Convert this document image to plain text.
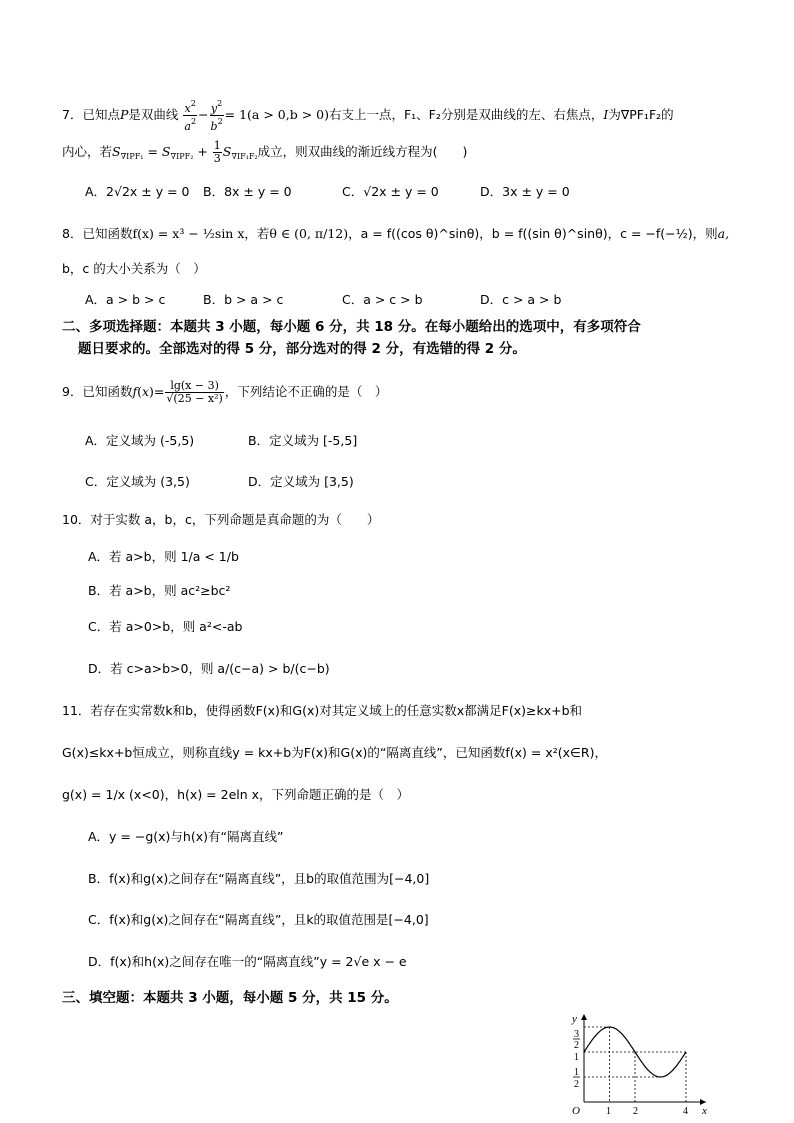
7．已知点P是双曲线 $\frac{x^2}{a^2} - \frac{y^2}{b^2} = 1(a > 0,b > 0)$右支上一点，F₁、F₂分别是双曲线的左、右焦点，I为∇PF₁F₂的
内心，若$S_{\nabla IPF_1} = S_{\nabla IPF_2} + \frac{1}{3} S_{\nabla IF_1F_2}$成立，则双曲线的渐近线方程为(　　)
A．2√2x ± y = 0 B．8x ± y = 0	C．√2x ± y = 0	D．3x ± y = 0
8．已知函数f(x) = x³ − ½sin x，若θ ∈ (0, π/12)，a = f((cos θ)^sinθ)，b = f((sin θ)^sinθ)，c = −f(−½)，则a,
b，c 的大小关系为（　）
A．a > b > c	B．b > a > c	C．a > c > b	D．c > a > b
二、多项选择题：本题共 3 小题，每小题 6 分，共 18 分。在每小题给出的选项中，有多项符合
题日要求的。全部选对的得 5 分，部分选对的得 2 分，有选错的得 2 分。
9．已知函数$f(x)= \frac{\lg(x - 3)}{\text{√(25 − x²)}}$ ，下列结论不正确的是（　）
A．定义域为 (-5,5)	B．定义域为 [-5,5]
C．定义域为 (3,5)	D．定义域为 [3,5)
10．对于实数 a，b，c，下列命题是真命题的为（　　）
A．若 a>b，则 1/a < 1/b
B．若 a>b，则 ac²≥bc²
C．若 a>0>b，则 a²<-ab
D．若 c>a>b>0，则 a/(c−a) > b/(c−b)
11．若存在实常数k和b，使得函数F(x)和G(x)对其定义域上的任意实数x都满足F(x)≥kx+b和
G(x)≤kx+b恒成立，则称直线y = kx+b为F(x)和G(x)的“隔离直线”，已知函数f(x) = x²(x∈R)，
g(x) = 1/x (x<0)，h(x) = 2eln x，下列命题正确的是（　）
A．y = −g(x)与h(x)有“隔离直线”
B．f(x)和g(x)之间存在“隔离直线”，且b的取值范围为[−4,0]
C．f(x)和g(x)之间存在“隔离直线”，且k的取值范围是[−4,0]
D．f(x)和h(x)之间存在唯一的“隔离直线”y = 2√e x − e
三、填空题：本题共 3 小题，每小题 5 分，共 15 分。
y
x
O	1 2	4
3
2
1
1
2
